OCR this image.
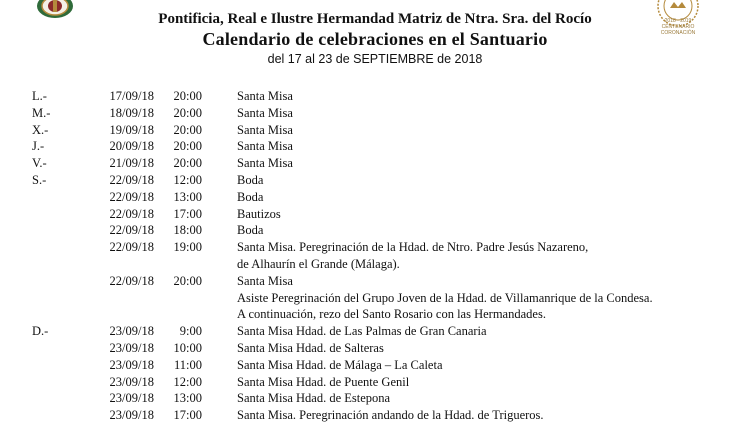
2018 · 2019
CENTENARIO
CORONACIÓN
Pontificia, Real e Ilustre Hermandad Matriz de Ntra. Sra. del Rocío
Calendario de celebraciones en el Santuario
del 17 al 23 de SEPTIEMBRE de 2018
L.-	17/09/18	20:00	Santa Misa
M.-	18/09/18	20:00	Santa Misa
X.-	19/09/18	20:00	Santa Misa
J.-	20/09/18	20:00	Santa Misa
V.-	21/09/18	20:00	Santa Misa
S.-	22/09/18	12:00	Boda
22/09/18	13:00	Boda
22/09/18	17:00	Bautizos
22/09/18	18:00	Boda
22/09/18	19:00	Santa Misa. Peregrinación de la Hdad. de Ntro. Padre Jesús Nazareno,
de Alhaurín el Grande (Málaga).
22/09/18	20:00	Santa Misa
Asiste Peregrinación del Grupo Joven de la Hdad. de Villamanrique de la Condesa.
A continuación, rezo del Santo Rosario con las Hermandades.
D.-	23/09/18	9:00	Santa Misa Hdad. de Las Palmas de Gran Canaria
23/09/18	10:00	Santa Misa Hdad. de Salteras
23/09/18	11:00	Santa Misa Hdad. de Málaga – La Caleta
23/09/18	12:00	Santa Misa Hdad. de Puente Genil
23/09/18	13:00	Santa Misa Hdad. de Estepona
23/09/18	17:00	Santa Misa. Peregrinación andando de la Hdad. de Trigueros.
